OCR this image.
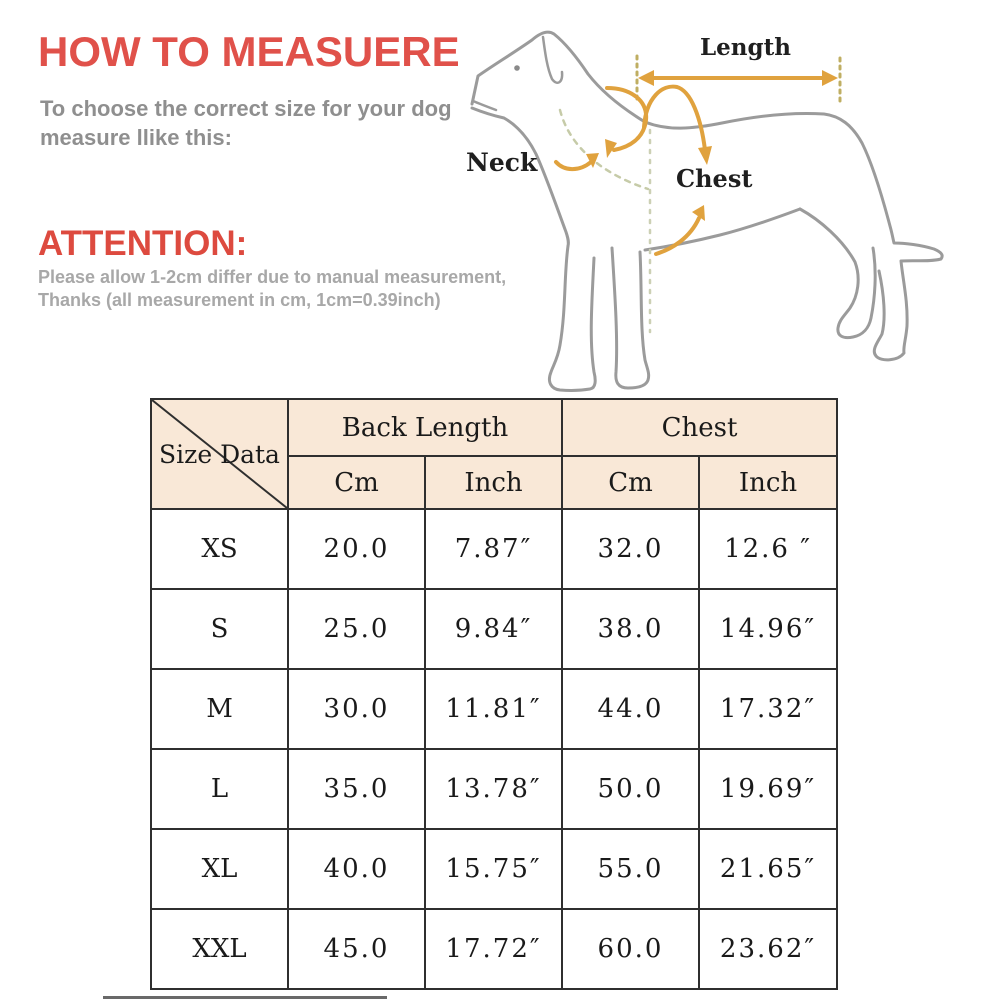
HOW TO MEASUERE
To choose the correct size for your dog
measure llike this:
ATTENTION:
Please allow 1-2cm differ due to manual measurement,
Thanks (all measurement in cm, 1cm=0.39inch)
Length
Neck
Chest
Size Data	Back Length		Chest	
	Cm	Inch	Cm	Inch
XS	20.0	7.87″	32.0	12.6 ″
S	25.0	9.84″	38.0	14.96″
M	30.0	11.81″	44.0	17.32″
L	35.0	13.78″	50.0	19.69″
XL	40.0	15.75″	55.0	21.65″
XXL	45.0	17.72″	60.0	23.62″
